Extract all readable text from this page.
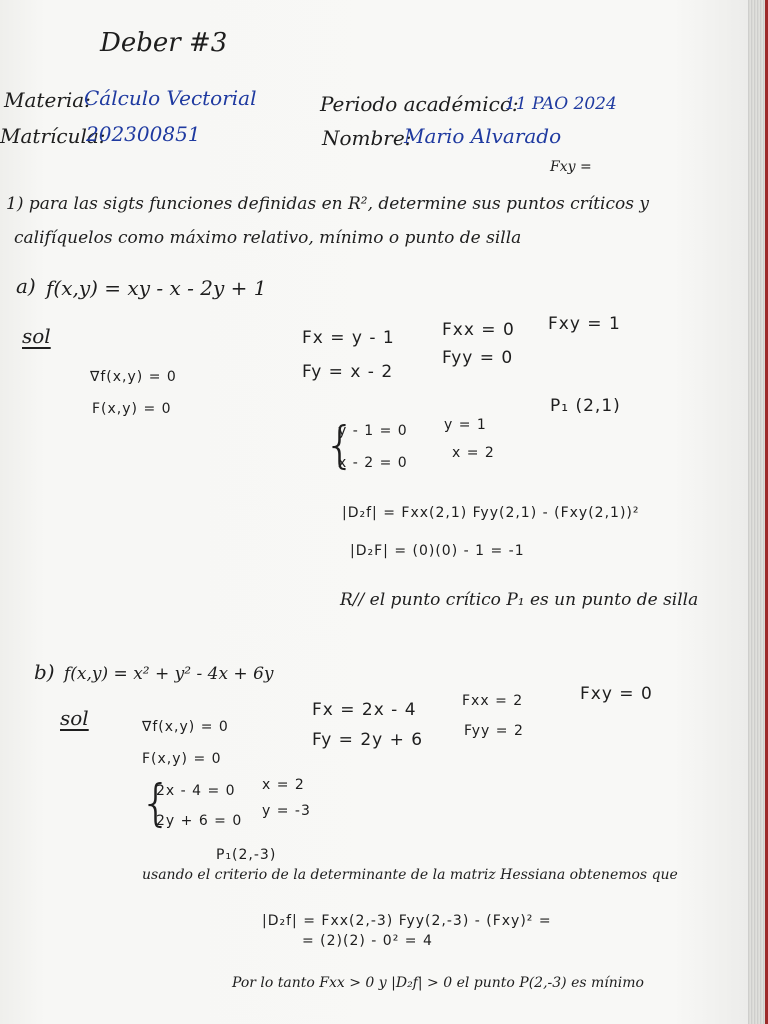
Deber #3
Materia:
Cálculo Vectorial
Matrícula:
202300851
Periodo académico:
11 PAO 2024
Nombre:
Mario Alvarado
Fxy =
1) para las sigts funciones definidas en R², determine sus puntos críticos y
califíquelos como máximo relativo, mínimo o punto de silla
a) f(x,y) = xy - x - 2y + 1
sol
∇f(x,y) = 0
F(x,y) = 0
Fx = y - 1
Fy = x - 2
Fxx = 0 Fxy = 1
Fyy = 0
{
y - 1 = 0
x - 2 = 0
y = 1
x = 2
P₁ (2,1)
|D₂f| = Fxx(2,1) Fyy(2,1) - (Fxy(2,1))²
|D₂F| = (0)(0) - 1 = -1
R// el punto crítico P₁ es un punto de silla
b) f(x,y) = x² + y² - 4x + 6y
sol	∇f(x,y) = 0
F(x,y) = 0
Fx = 2x - 4
Fy = 2y + 6
Fxx = 2
Fyy = 2
Fxy = 0
{
2x - 4 = 0
2y + 6 = 0
x = 2
y = -3
P₁(2,-3)
usando el criterio de la determinante de la matriz Hessiana obtenemos que
|D₂f| = Fxx(2,-3) Fyy(2,-3) - (Fxy)² =
= (2)(2) - 0² = 4
Por lo tanto Fxx > 0 y |D₂f| > 0 el punto P(2,-3) es mínimo
